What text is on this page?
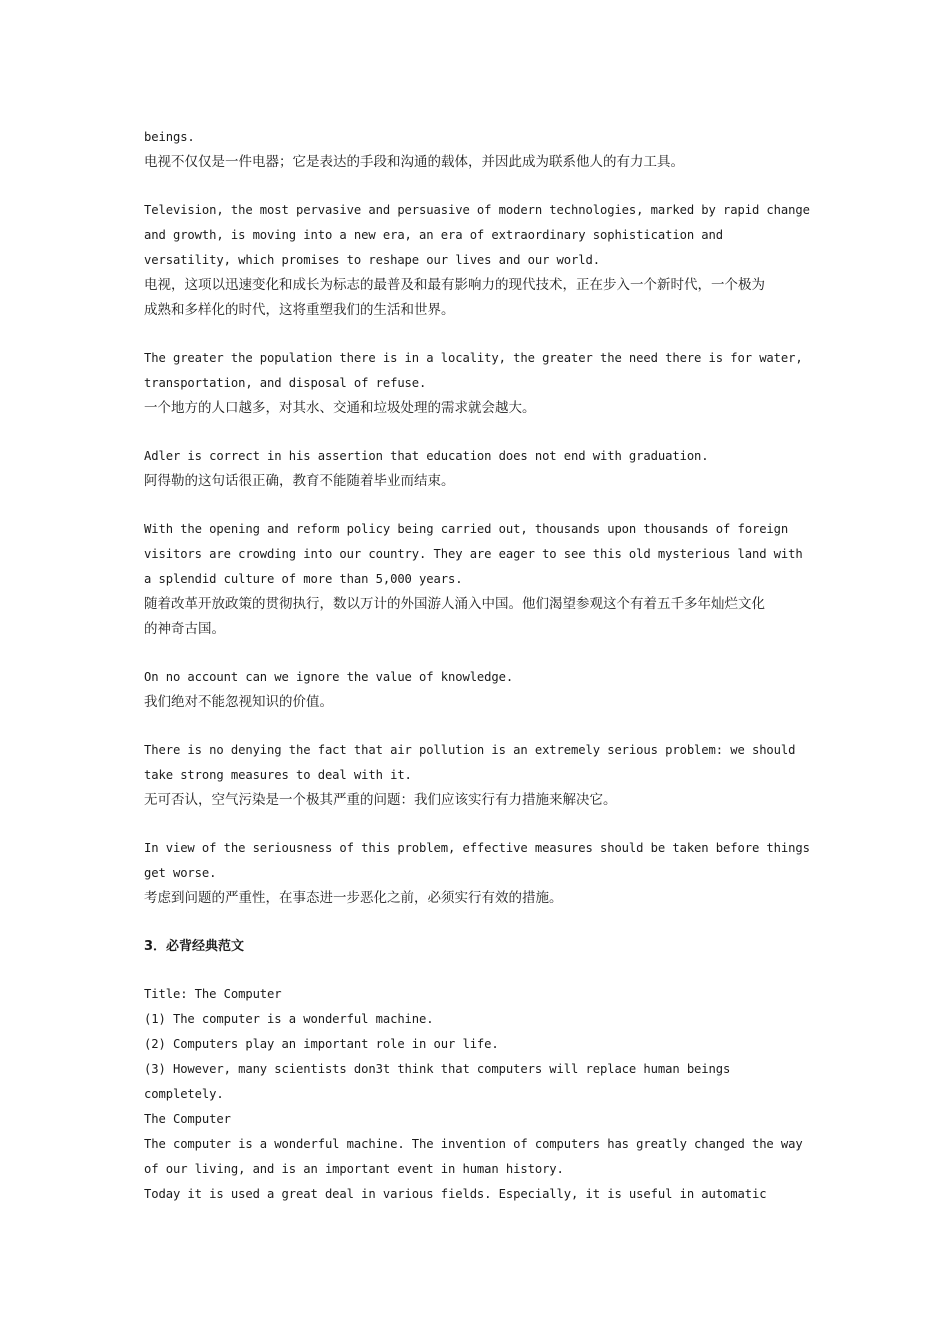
beings.
电视不仅仅是一件电器；它是表达的手段和沟通的载体，并因此成为联系他人的有力工具。
Television, the most pervasive and persuasive of modern technologies, marked by rapid change
and growth, is moving into a new era, an era of extraordinary sophistication and
versatility, which promises to reshape our lives and our world.
电视，这项以迅速变化和成长为标志的最普及和最有影响力的现代技术，正在步入一个新时代，一个极为
成熟和多样化的时代，这将重塑我们的生活和世界。
The greater the population there is in a locality, the greater the need there is for water,
transportation, and disposal of refuse.
一个地方的人口越多，对其水、交通和垃圾处理的需求就会越大。
Adler is correct in his assertion that education does not end with graduation.
阿得勒的这句话很正确，教育不能随着毕业而结束。
With the opening and reform policy being carried out, thousands upon thousands of foreign
visitors are crowding into our country. They are eager to see this old mysterious land with
a splendid culture of more than 5,000 years.
随着改革开放政策的贯彻执行，数以万计的外国游人涌入中国。他们渴望参观这个有着五千多年灿烂文化
的神奇古国。
On no account can we ignore the value of knowledge.
我们绝对不能忽视知识的价值。
There is no denying the fact that air pollution is an extremely serious problem: we should
take strong measures to deal with it.
无可否认，空气污染是一个极其严重的问题：我们应该实行有力措施来解决它。
In view of the seriousness of this problem, effective measures should be taken before things
get worse.
考虑到问题的严重性，在事态进一步恶化之前，必须实行有效的措施。
3．必背经典范文
Title: The Computer
(1) The computer is a wonderful machine.
(2) Computers play an important role in our life.
(3) However, many scientists don3t think that computers will replace human beings
completely.
The Computer
The computer is a wonderful machine. The invention of computers has greatly changed the way
of our living, and is an important event in human history.
Today it is used a great deal in various fields. Especially, it is useful in automatic
